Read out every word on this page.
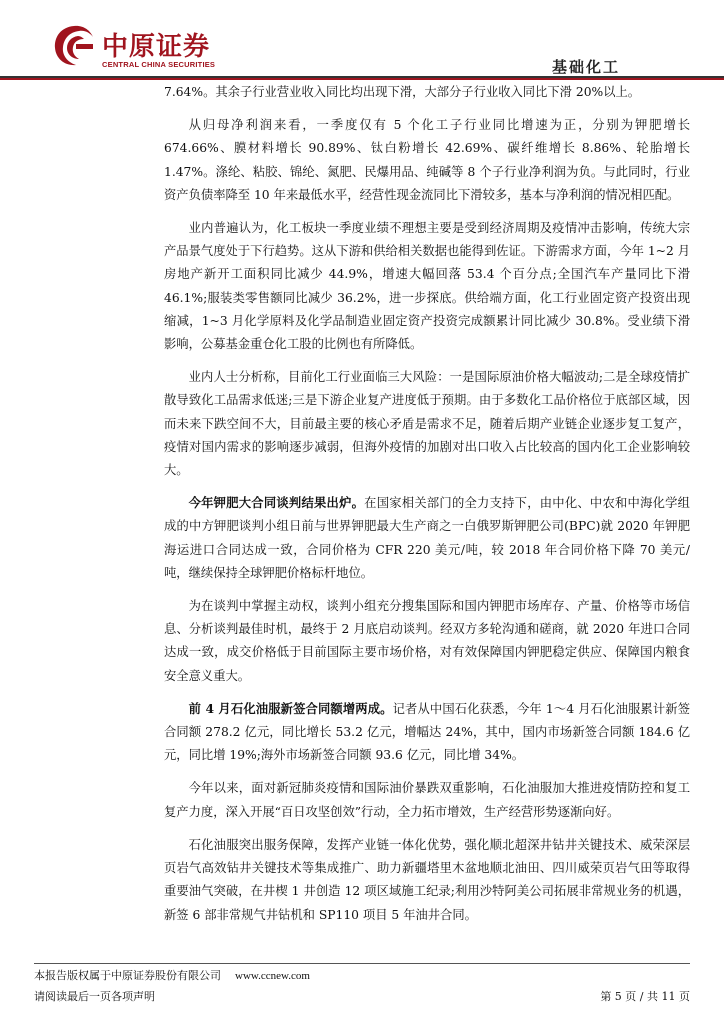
中原证券
CENTRAL CHINA SECURITIES	基础化工

7.64%。其余子行业营业收入同比均出现下滑，大部分子行业收入同比下滑 20%以上。

从归母净利润来看，一季度仅有 5 个化工子行业同比增速为正，分别为钾肥增长 674.66%、膜材料增长 90.89%、钛白粉增长 42.69%、碳纤维增长 8.86%、轮胎增长 1.47%。涤纶、粘胶、锦纶、氮肥、民爆用品、纯碱等 8 个子行业净利润为负。与此同时，行业资产负债率降至 10 年来最低水平，经营性现金流同比下滑较多，基本与净利润的情况相匹配。

业内普遍认为，化工板块一季度业绩不理想主要是受到经济周期及疫情冲击影响，传统大宗产品景气度处于下行趋势。这从下游和供给相关数据也能得到佐证。下游需求方面，今年 1~2 月房地产新开工面积同比减少 44.9%，增速大幅回落 53.4 个百分点;全国汽车产量同比下滑 46.1%;服装类零售额同比减少 36.2%，进一步探底。供给端方面，化工行业固定资产投资出现缩减，1~3 月化学原料及化学品制造业固定资产投资完成额累计同比减少 30.8%。受业绩下滑影响，公募基金重仓化工股的比例也有所降低。

业内人士分析称，目前化工行业面临三大风险：一是国际原油价格大幅波动;二是全球疫情扩散导致化工品需求低迷;三是下游企业复产进度低于预期。由于多数化工品价格位于底部区域，因而未来下跌空间不大，目前最主要的核心矛盾是需求不足，随着后期产业链企业逐步复工复产，疫情对国内需求的影响逐步减弱，但海外疫情的加剧对出口收入占比较高的国内化工企业影响较大。

今年钾肥大合同谈判结果出炉。在国家相关部门的全力支持下，由中化、中农和中海化学组成的中方钾肥谈判小组日前与世界钾肥最大生产商之一白俄罗斯钾肥公司(BPC)就 2020 年钾肥海运进口合同达成一致，合同价格为 CFR 220 美元/吨，较 2018 年合同价格下降 70 美元/吨，继续保持全球钾肥价格标杆地位。

为在谈判中掌握主动权，谈判小组充分搜集国际和国内钾肥市场库存、产量、价格等市场信息、分析谈判最佳时机，最终于 2 月底启动谈判。经双方多轮沟通和磋商，就 2020 年进口合同达成一致，成交价格低于目前国际主要市场价格，对有效保障国内钾肥稳定供应、保障国内粮食安全意义重大。

前 4 月石化油服新签合同额增两成。记者从中国石化获悉，今年 1～4 月石化油服累计新签合同额 278.2 亿元，同比增长 53.2 亿元，增幅达 24%，其中，国内市场新签合同额 184.6 亿元，同比增 19%;海外市场新签合同额 93.6 亿元，同比增 34%。

今年以来，面对新冠肺炎疫情和国际油价暴跌双重影响，石化油服加大推进疫情防控和复工复产力度，深入开展“百日攻坚创效”行动，全力拓市增效，生产经营形势逐渐向好。

石化油服突出服务保障，发挥产业链一体化优势，强化顺北超深井钻井关键技术、威荣深层页岩气高效钻井关键技术等集成推广、助力新疆塔里木盆地顺北油田、四川威荣页岩气田等取得重要油气突破，在井楔 1 井创造 12 项区域施工纪录;利用沙特阿美公司拓展非常规业务的机遇，新签 6 部非常规气井钻机和 SP110 项目 5 年油井合同。

本报告版权属于中原证券股份有限公司 www.ccnew.com
请阅读最后一页各项声明	第 5 页 / 共 11 页
